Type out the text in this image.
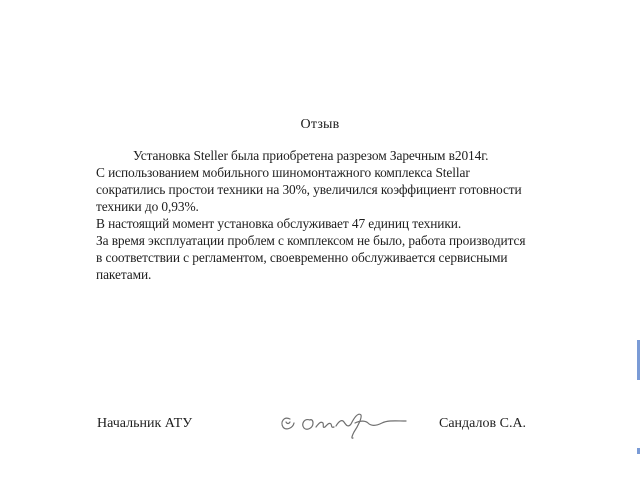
Отзыв
Установка Steller была приобретена разрезом Заречным в2014г.
С использованием мобильного шиномонтажного комплекса Stellar
сократились простои техники на 30%, увеличился коэффициент готовности
техники до 0,93%.
В настоящий момент установка обслуживает 47 единиц техники.
За время эксплуатации проблем с комплексом не было, работа производится
в соответствии с регламентом, своевременно обслуживается сервисными
пакетами.
Начальник АТУ	Сандалов С.А.
